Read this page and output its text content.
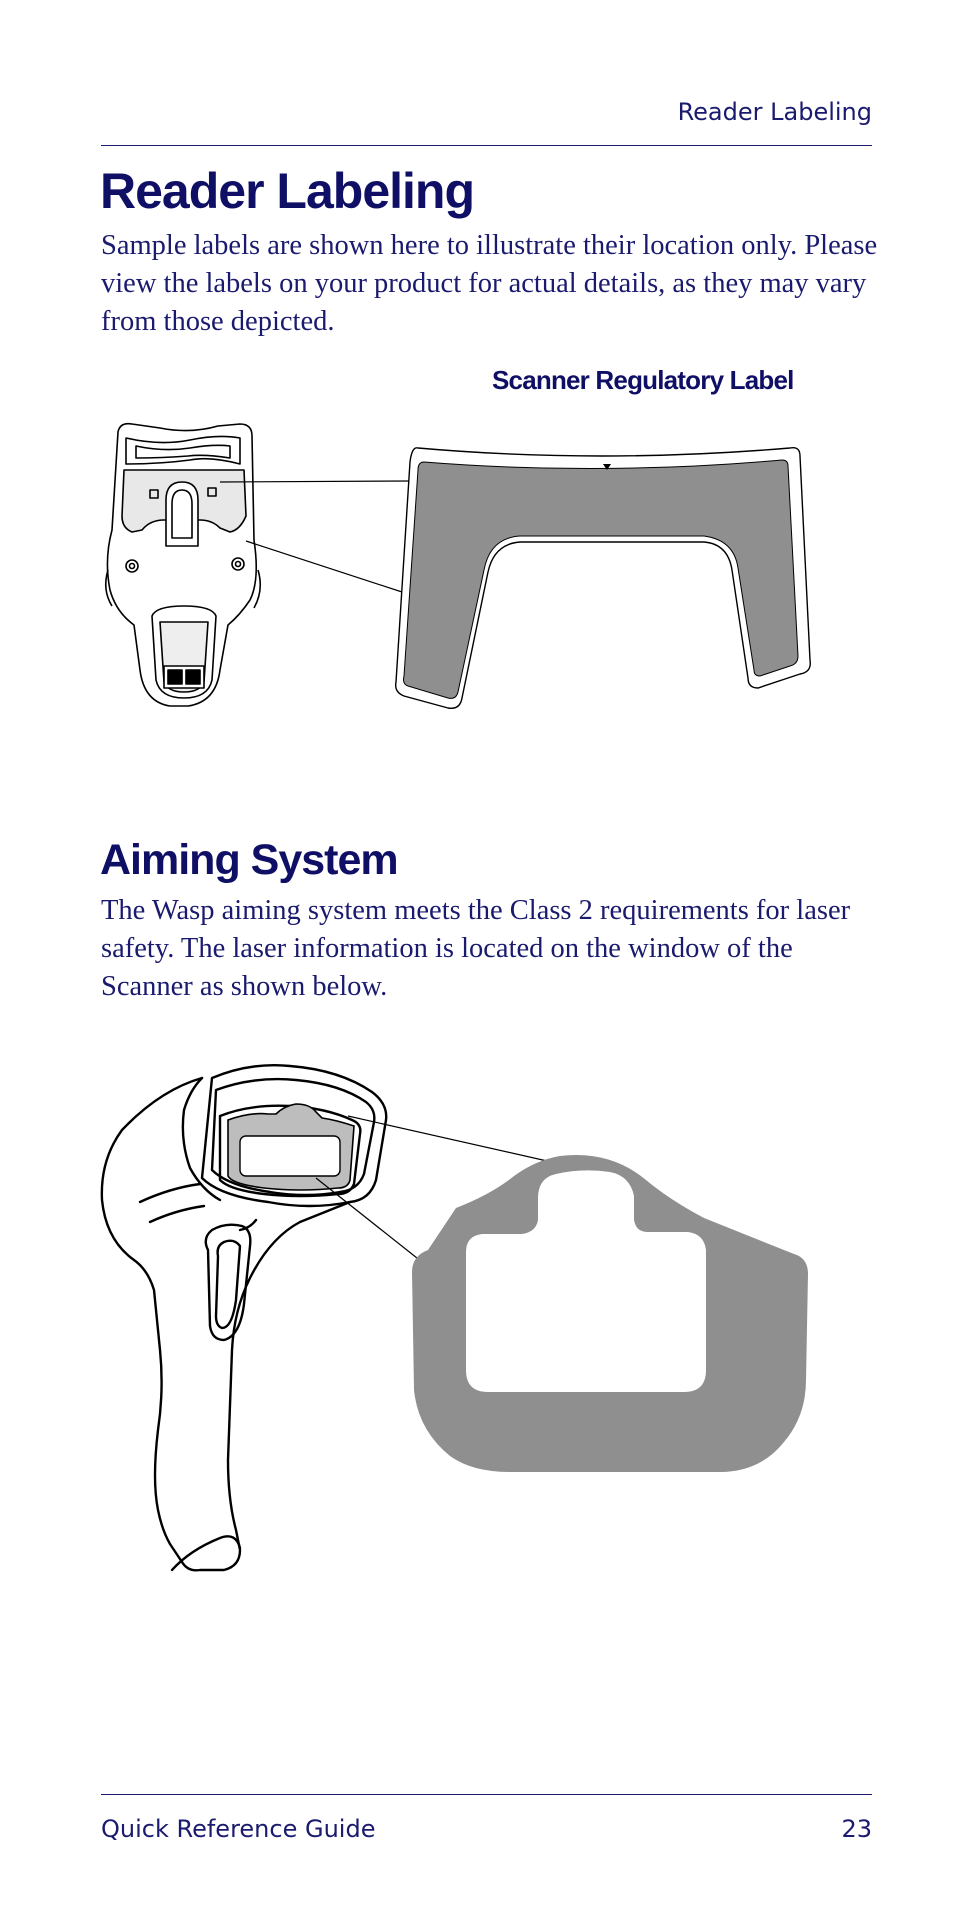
Reader Labeling
Reader Labeling

Sample labels are shown here to illustrate their location only. Please view the labels on your product for actual details, as they may vary from those depicted.

Scanner Regulatory Label
Aiming System

The Wasp aiming system meets the Class 2 requirements for laser safety. The laser information is located on the window of the Scanner as shown below.

Quick Reference Guide	23
